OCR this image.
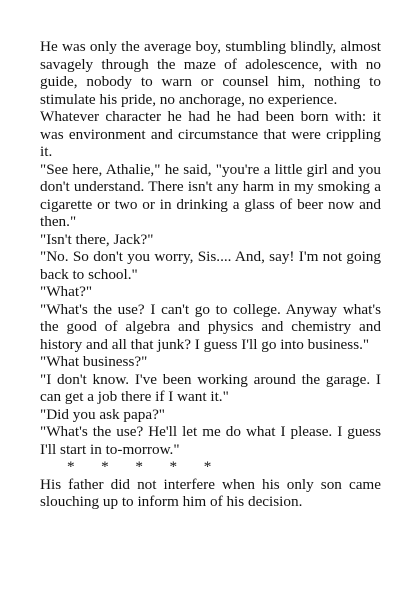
He was only the average boy, stumbling blindly, almost savagely through the maze of adolescence, with no guide, nobody to warn or counsel him, nothing to stimulate his pride, no anchorage, no experience.

Whatever character he had he had been born with: it was environment and circumstance that were crippling it.

"See here, Athalie," he said, "you're a little girl and you don't understand. There isn't any harm in my smoking a cigarette or two or in drinking a glass of beer now and then."

"Isn't there, Jack?"

"No. So don't you worry, Sis.... And, say! I'm not going back to school."

"What?"

"What's the use? I can't go to college. Anyway what's the good of algebra and physics and chemistry and history and all that junk? I guess I'll go into business."

"What business?"

"I don't know. I've been working around the garage. I can get a job there if I want it."

"Did you ask papa?"

"What's the use? He'll let me do what I please. I guess I'll start in to-morrow."

*       *       *       *       *

His father did not interfere when his only son came slouching up to inform him of his decision.
